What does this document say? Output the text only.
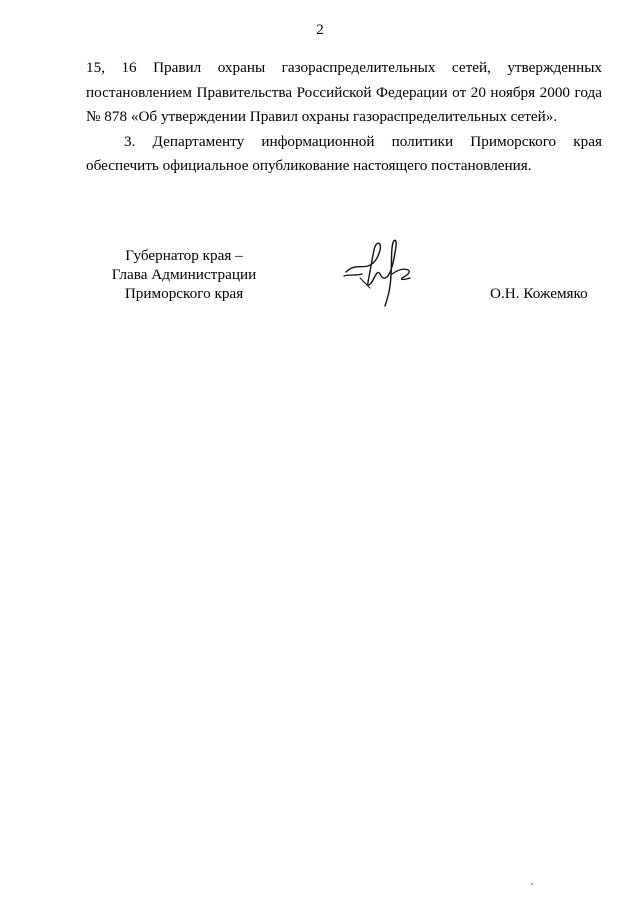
2
15, 16 Правил охраны газораспределительных сетей, утвержденных
постановлением Правительства Российской Федерации от 20 ноября 2000 года
№ 878 «Об утверждении Правил охраны газораспределительных сетей».
3. Департаменту информационной политики Приморского края
обеспечить официальное опубликование настоящего постановления.
Губернатор края –
Глава Администрации
Приморского края	О.Н. Кожемяко
